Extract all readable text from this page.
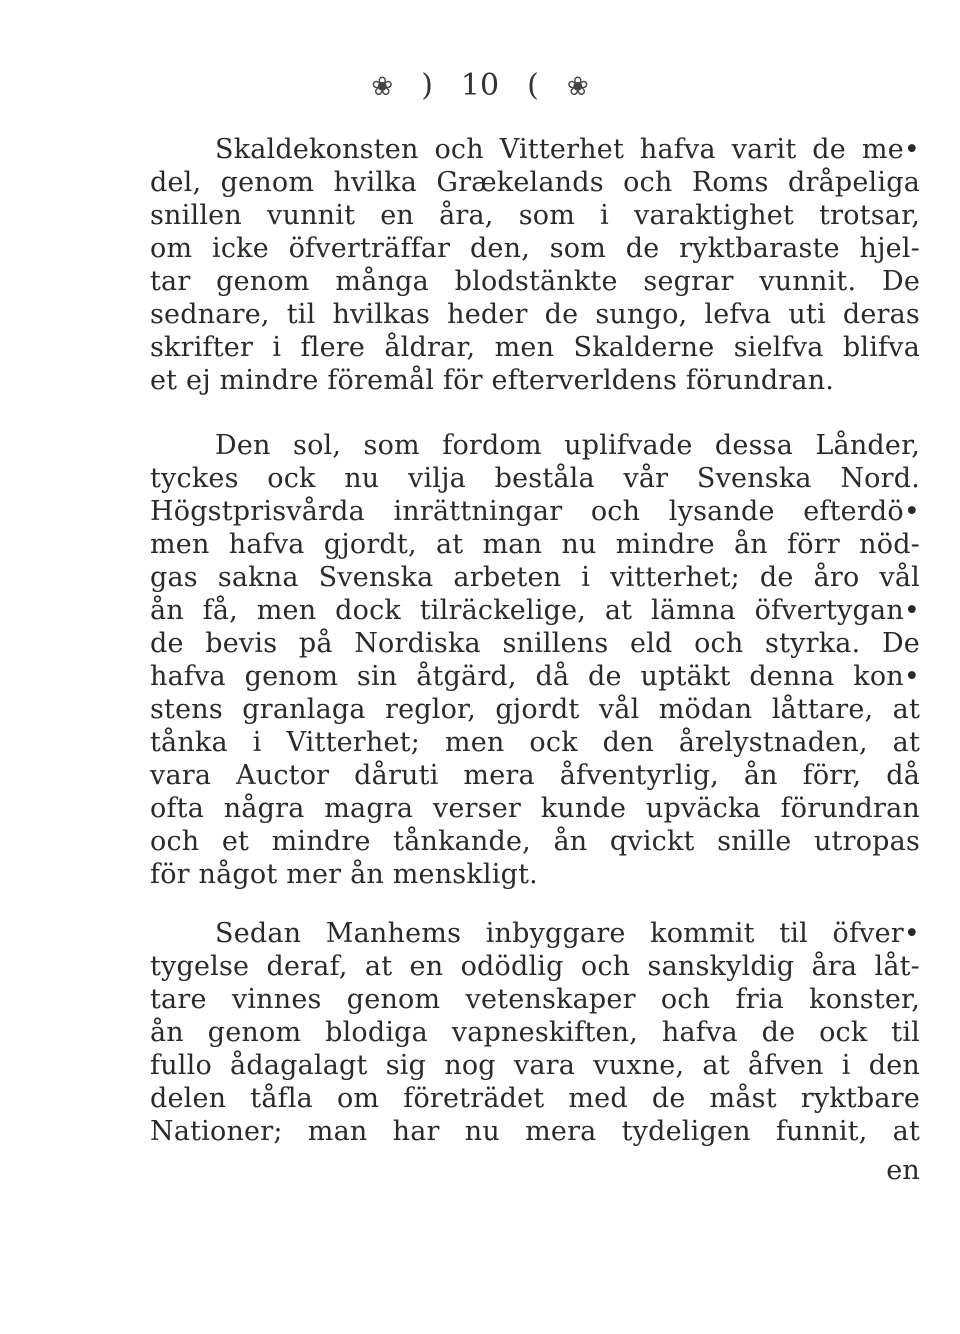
❀ ) 10 ( ❀
Skaldekonsten och Vitterhet hafva varit de me•
del, genom hvilka Grækelands och Roms dråpeliga
snillen vunnit en åra, som i varaktighet trotsar,
om icke öfverträffar den, som de ryktbaraste hjel-
tar genom många blodstänkte segrar vunnit. De
sednare, til hvilkas heder de sungo, lefva uti deras
skrifter i flere åldrar, men Skalderne sielfva blifva
et ej mindre föremål för efterverldens förundran.
Den sol, som fordom uplifvade dessa Lånder,
tyckes ock nu vilja beståla vår Svenska Nord.
Högstprisvårda inrättningar och lysande efterdö•
men hafva gjordt, at man nu mindre ån förr nöd-
gas sakna Svenska arbeten i vitterhet; de åro vål
ån få, men dock tilräckelige, at lämna öfvertygan•
de bevis på Nordiska snillens eld och styrka. De
hafva genom sin åtgärd, då de uptäkt denna kon•
stens granlaga reglor, gjordt vål mödan låttare, at
tånka i Vitterhet; men ock den årelystnaden, at
vara Auctor dåruti mera åfventyrlig, ån förr, då
ofta några magra verser kunde upväcka förundran
och et mindre tånkande, ån qvickt snille utropas
för något mer ån menskligt.
Sedan Manhems inbyggare kommit til öfver•
tygelse deraf, at en odödlig och sanskyldig åra låt-
tare vinnes genom vetenskaper och fria konster,
ån genom blodiga vapneskiften, hafva de ock til
fullo ådagalagt sig nog vara vuxne, at åfven i den
delen tåfla om företrädet med de måst ryktbare
Nationer; man har nu mera tydeligen funnit, at
en
